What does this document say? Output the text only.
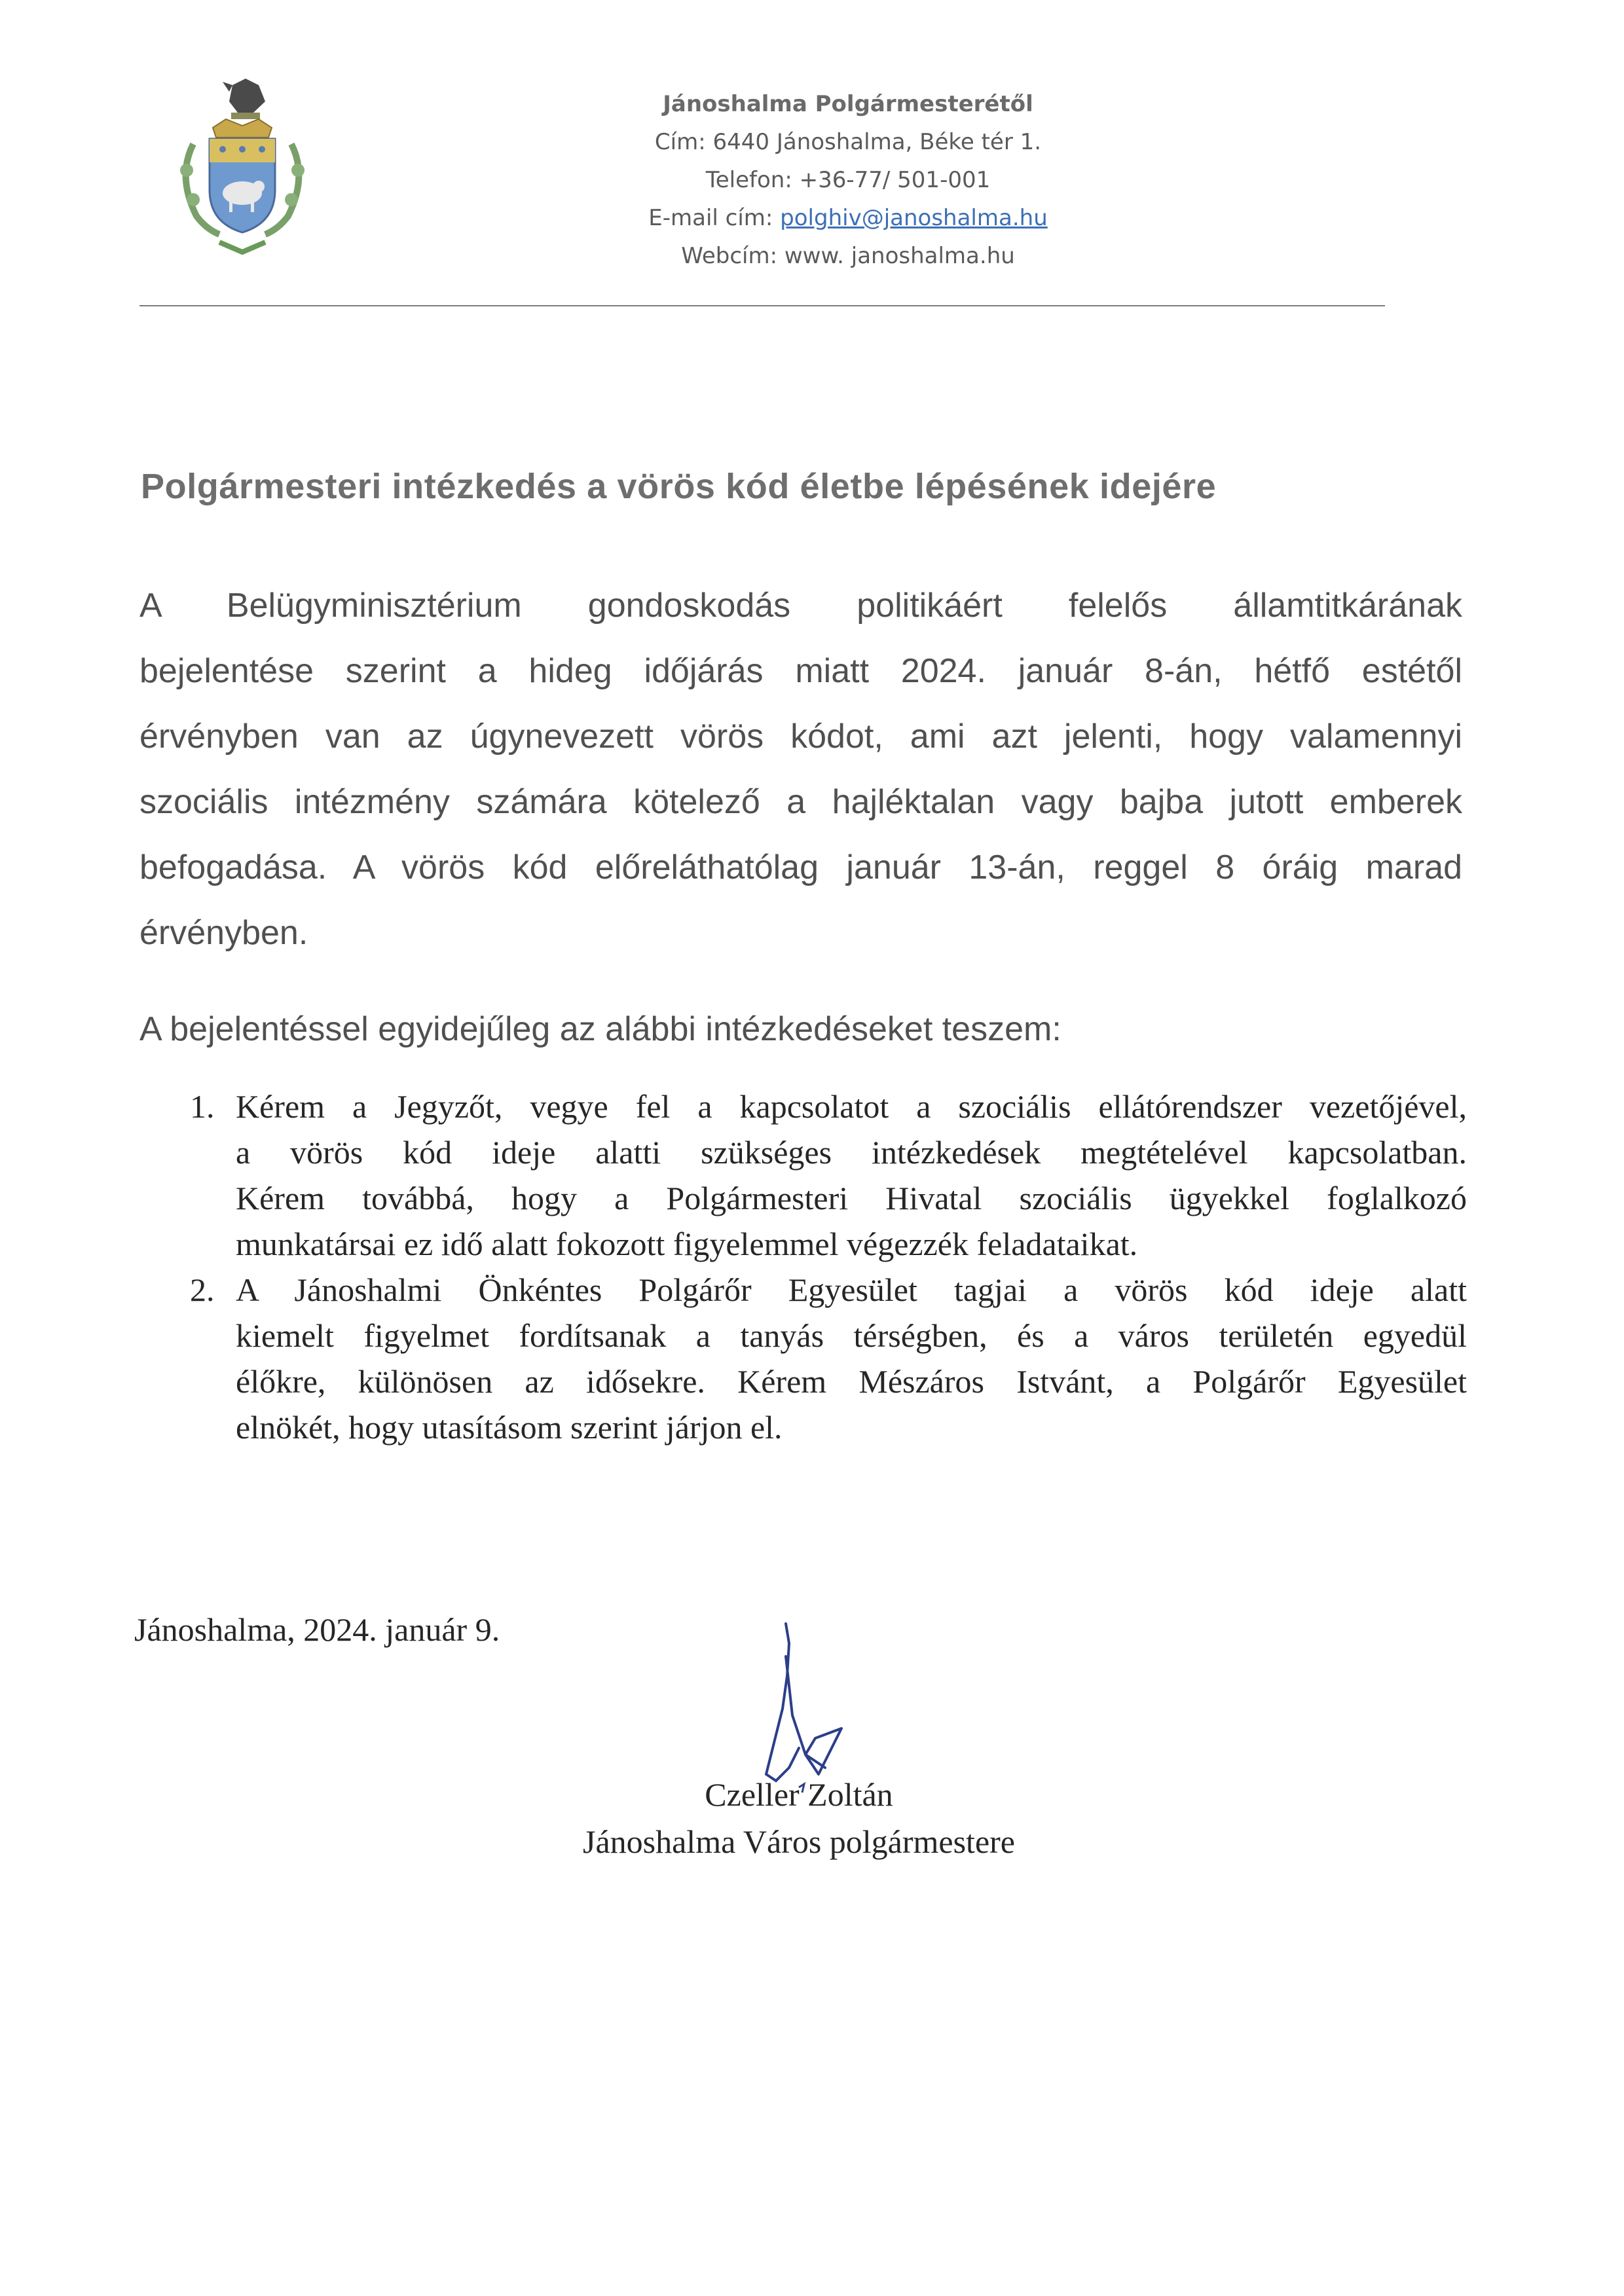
Jánoshalma Polgármesterétől
Cím: 6440 Jánoshalma, Béke tér 1.
Telefon: +36-77/ 501-001
E-mail cím: polghiv@janoshalma.hu
Webcím: www. janoshalma.hu
Polgármesteri intézkedés a vörös kód életbe lépésének idejére
A Belügyminisztérium gondoskodás politikáért felelős államtitkárának
bejelentése szerint a hideg időjárás miatt 2024. január 8-án, hétfő estétől
érvényben van az úgynevezett vörös kódot, ami azt jelenti, hogy valamennyi
szociális intézmény számára kötelező a hajléktalan vagy bajba jutott emberek
befogadása. A vörös kód előreláthatólag január 13-án, reggel 8 óráig marad
érvényben.
A bejelentéssel egyidejűleg az alábbi intézkedéseket teszem:
1. Kérem a Jegyzőt, vegye fel a kapcsolatot a szociális ellátórendszer vezetőjével,
a vörös kód ideje alatti szükséges intézkedések megtételével kapcsolatban.
Kérem továbbá, hogy a Polgármesteri Hivatal szociális ügyekkel foglalkozó
munkatársai ez idő alatt fokozott figyelemmel végezzék feladataikat.
2. A Jánoshalmi Önkéntes Polgárőr Egyesület tagjai a vörös kód ideje alatt
kiemelt figyelmet fordítsanak a tanyás térségben, és a város területén egyedül
élőkre, különösen az idősekre. Kérem Mészáros Istvánt, a Polgárőr Egyesület
elnökét, hogy utasításom szerint járjon el.
Jánoshalma, 2024. január 9.
Czeller Zoltán
Jánoshalma Város polgármestere
